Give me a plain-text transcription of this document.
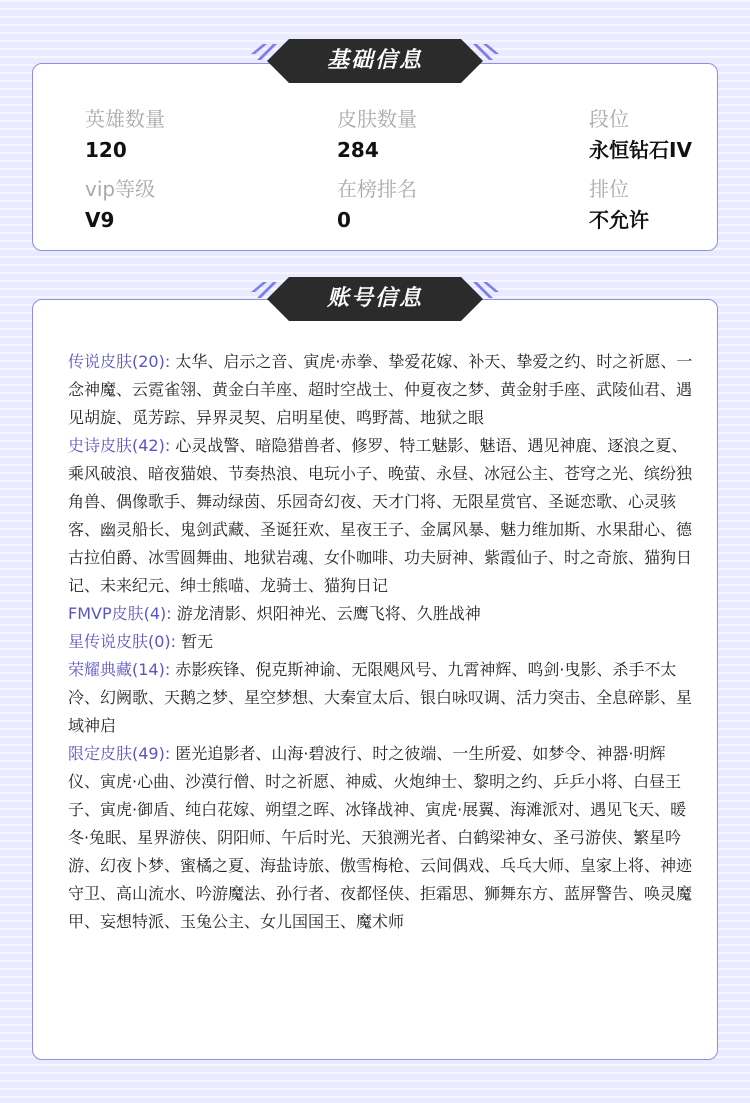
基础信息
英雄数量
120
皮肤数量
284
段位
永恒钻石IV
vip等级
V9
在榜排名
0
排位
不允许
账号信息
传说皮肤(20): 太华、启示之音、寅虎·赤拳、挚爱花嫁、补天、挚爱之约、时之祈愿、一念神魔、云霓雀翎、黄金白羊座、超时空战士、仲夏夜之梦、黄金射手座、武陵仙君、遇见胡旋、觅芳踪、异界灵契、启明星使、鸣野蒿、地狱之眼
史诗皮肤(42): 心灵战警、暗隐猎兽者、修罗、特工魅影、魅语、遇见神鹿、逐浪之夏、乘风破浪、暗夜猫娘、节奏热浪、电玩小子、晚萤、永昼、冰冠公主、苍穹之光、缤纷独角兽、偶像歌手、舞动绿茵、乐园奇幻夜、天才门将、无限星赏官、圣诞恋歌、心灵骇客、幽灵船长、鬼剑武藏、圣诞狂欢、星夜王子、金属风暴、魅力维加斯、水果甜心、德古拉伯爵、冰雪圆舞曲、地狱岩魂、女仆咖啡、功夫厨神、紫霞仙子、时之奇旅、猫狗日记、未来纪元、绅士熊喵、龙骑士、猫狗日记
FMVP皮肤(4): 游龙清影、炽阳神光、云鹰飞将、久胜战神
星传说皮肤(0): 暂无
荣耀典藏(14): 赤影疾锋、倪克斯神谕、无限飓风号、九霄神辉、鸣剑·曳影、杀手不太冷、幻阙歌、天鹅之梦、星空梦想、大秦宣太后、银白咏叹调、活力突击、全息碎影、星域神启
限定皮肤(49): 匿光追影者、山海·碧波行、时之彼端、一生所爱、如梦令、神器·明辉仪、寅虎·心曲、沙漠行僧、时之祈愿、神威、火炮绅士、黎明之约、乒乒小将、白昼王子、寅虎·御盾、纯白花嫁、朔望之晖、冰锋战神、寅虎·展翼、海滩派对、遇见飞天、暖冬·兔眠、星界游侠、阴阳师、午后时光、天狼溯光者、白鹤梁神女、圣弓游侠、繁星吟游、幻夜卜梦、蜜橘之夏、海盐诗旅、傲雪梅枪、云间偶戏、乓乓大师、皇家上将、神迹守卫、高山流水、吟游魔法、孙行者、夜都怪侠、拒霜思、狮舞东方、蓝屏警告、唤灵魔甲、妄想特派、玉兔公主、女儿国国王、魔术师
